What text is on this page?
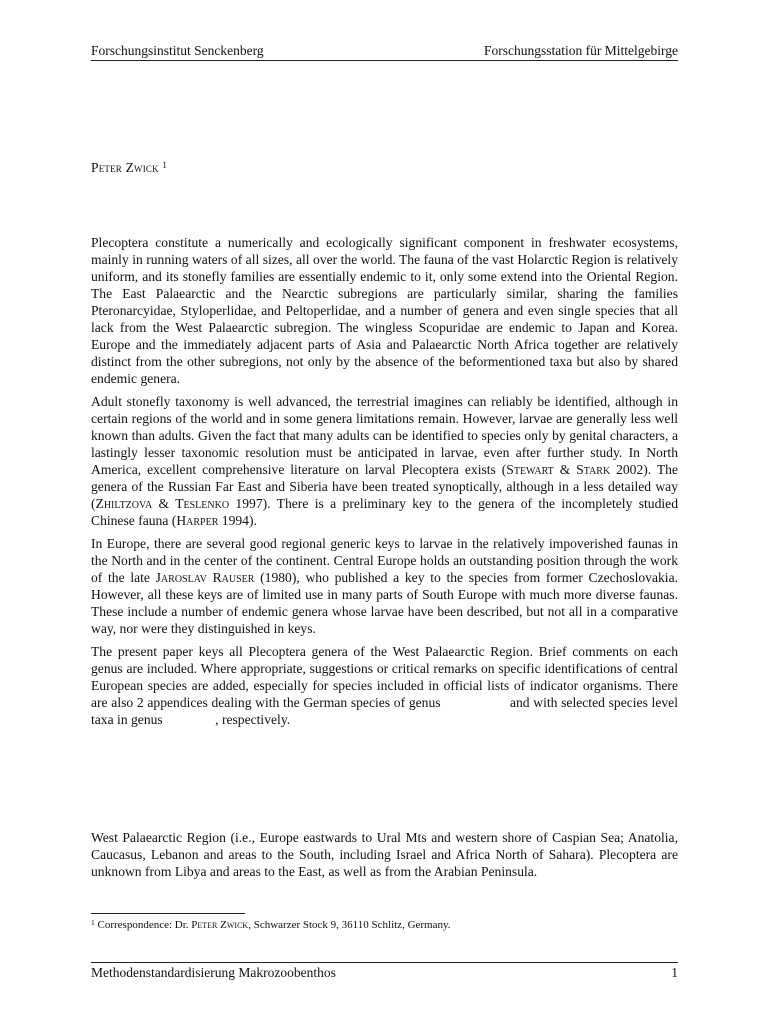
Forschungsinstitut Senckenberg	Forschungsstation für Mittelgebirge
Peter Zwick $^1$

Plecoptera constitute a numerically and ecologically significant component in freshwater ecosystems, mainly in running waters of all sizes, all over the world. The fauna of the vast Holarctic Region is relatively uniform, and its stonefly families are essentially endemic to it, only some extend into the Oriental Region. The East Palaearctic and the Nearctic subregions are particularly similar, sharing the families Pteronarcyidae, Styloperlidae, and Peltoperlidae, and a number of genera and even single species that all lack from the West Palaearctic subregion. The wingless Scopuridae are endemic to Japan and Korea. Europe and the immediately adjacent parts of Asia and Palaearctic North Africa together are relatively distinct from the other subregions, not only by the absence of the beformentioned taxa but also by shared endemic genera.

Adult stonefly taxonomy is well advanced, the terrestrial imagines can reliably be identified, although in certain regions of the world and in some genera limitations remain. However, larvae are generally less well known than adults. Given the fact that many adults can be identified to species only by genital characters, a lastingly lesser taxonomic resolution must be anticipated in larvae, even after further study. In North America, excellent comprehensive literature on larval Plecoptera exists (Stewart & Stark 2002). The genera of the Russian Far East and Siberia have been treated synoptically, although in a less detailed way (Zhiltzova & Teslenko 1997). There is a preliminary key to the genera of the incompletely studied Chinese fauna (Harper 1994).

In Europe, there are several good regional generic keys to larvae in the relatively impoverished faunas in the North and in the center of the continent. Central Europe holds an outstanding position through the work of the late Jaroslav Rauser (1980), who published a key to the species from former Czechoslovakia. However, all these keys are of limited use in many parts of South Europe with much more diverse faunas. These include a number of endemic genera whose larvae have been described, but not all in a comparative way, nor were they distinguished in keys.

The present paper keys all Plecoptera genera of the West Palaearctic Region. Brief comments on each genus are included. Where appropriate, suggestions or critical remarks on specific identifications of central European species are added, especially for species included in official lists of indicator organisms. There are also 2 appendices dealing with the German species of genus	and with selected species level taxa in genus	, respectively.

West Palaearctic Region (i.e., Europe eastwards to Ural Mts and western shore of Caspian Sea; Anatolia, Caucasus, Lebanon and areas to the South, including Israel and Africa North of Sahara). Plecoptera are unknown from Libya and areas to the East, as well as from the Arabian Peninsula.

$^1$ Correspondence: Dr. Peter Zwick, Schwarzer Stock 9, 36110 Schlitz, Germany.
Methodenstandardisierung Makrozoobenthos	1
